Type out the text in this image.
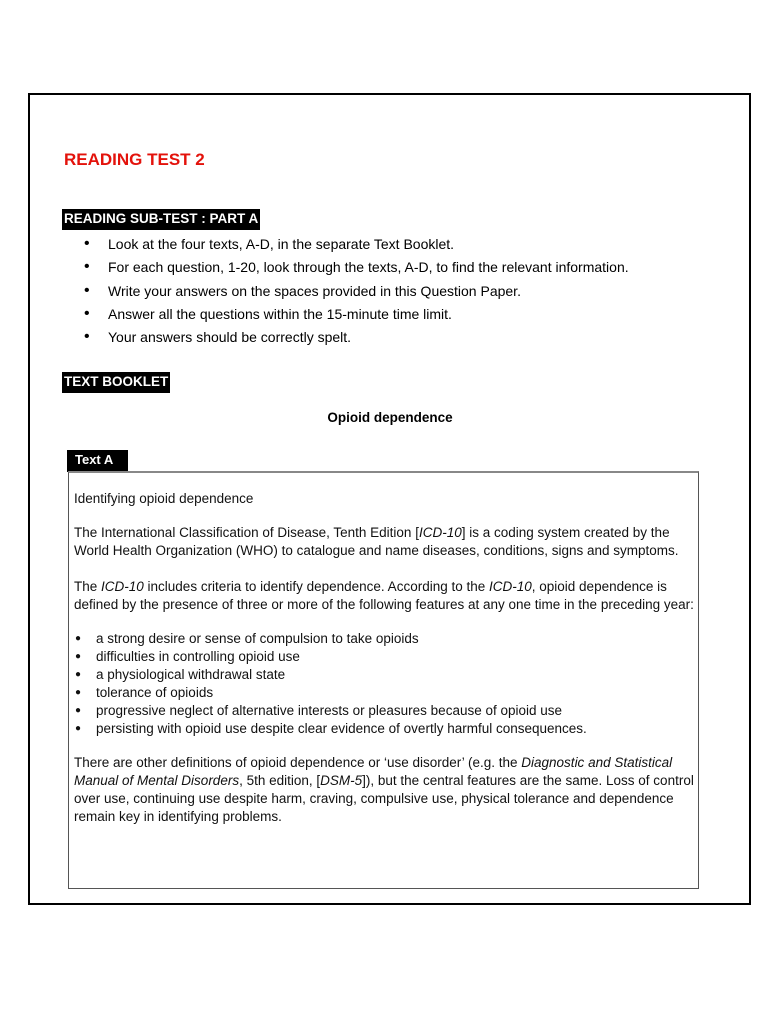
READING TEST 2
READING SUB-TEST : PART A
• Look at the four texts, A-D, in the separate Text Booklet.
• For each question, 1-20, look through the texts, A-D, to find the relevant information.
• Write your answers on the spaces provided in this Question Paper.
• Answer all the questions within the 15-minute time limit.
• Your answers should be correctly spelt.
TEXT BOOKLET
Opioid dependence
Text A

Identifying opioid dependence

The International Classification of Disease, Tenth Edition [ICD-10] is a coding system created by the World Health Organization (WHO) to catalogue and name diseases, conditions, signs and symptoms.

The ICD-10 includes criteria to identify dependence. According to the ICD-10, opioid dependence is defined by the presence of three or more of the following features at any one time in the preceding year:

● a strong desire or sense of compulsion to take opioids
● difficulties in controlling opioid use
● a physiological withdrawal state
● tolerance of opioids
● progressive neglect of alternative interests or pleasures because of opioid use
● persisting with opioid use despite clear evidence of overtly harmful consequences.

There are other definitions of opioid dependence or ‘use disorder’ (e.g. the Diagnostic and Statistical Manual of Mental Disorders, 5th edition, [DSM-5]), but the central features are the same. Loss of control over use, continuing use despite harm, craving, compulsive use, physical tolerance and dependence remain key in identifying problems.
